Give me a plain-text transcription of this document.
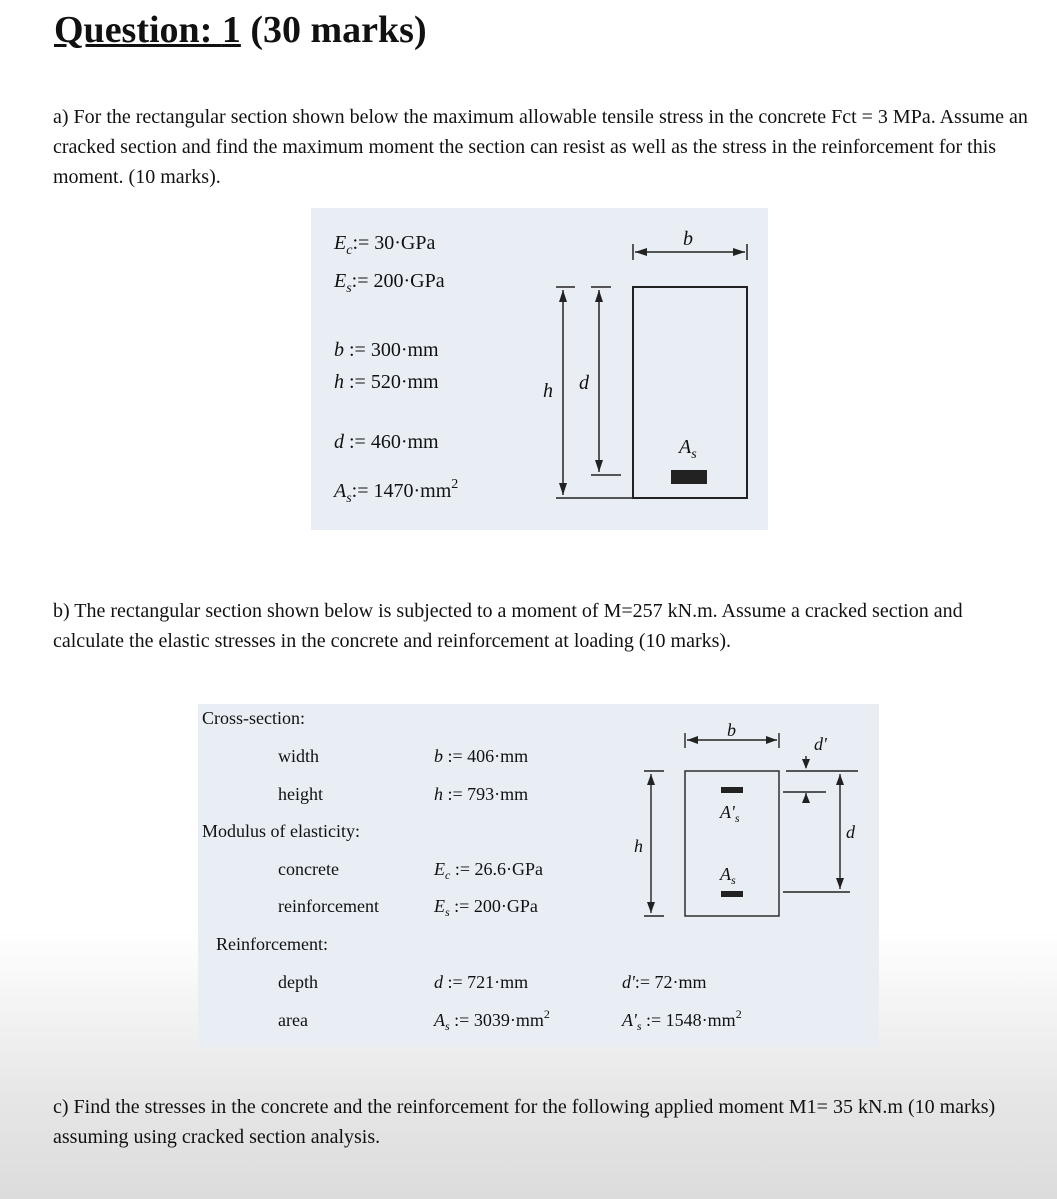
Question: 1 (30 marks)

a) For the rectangular section shown below the maximum allowable tensile stress in the concrete Fct = 3 MPa. Assume an cracked section and find the maximum moment the section can resist as well as the stress in the reinforcement for this moment. (10 marks).

$E_c:= 30\cdot GPa$
$E_s:= 200\cdot GPa$
b := 300·mm
h := 520·mm
d := 460·mm
$A_s:= 1470\cdot mm^2$
b
h d
$A_s$

b) The rectangular section shown below is subjected to a moment of M=257 kN.m. Assume a cracked section and calculate the elastic stresses in the concrete and reinforcement at loading (10 marks).

Cross-section:
width
height
Modulus of elasticity:
concrete
reinforcement
Reinforcement:
depth
area
b := 406·mm
h := 793·mm
$E_c$ := 26.6·GPa
$E_s$ := 200·GPa
d := 721·mm
$A_s$ := $3039\cdot mm^2$
d':= 72·mm
$A'_s$ := $1548\cdot mm^2$
b
h
d
d'
$A'_s$
$A_s$

c) Find the stresses in the concrete and the reinforcement for the following applied moment M1= 35 kN.m (10 marks) assuming using cracked section analysis.
